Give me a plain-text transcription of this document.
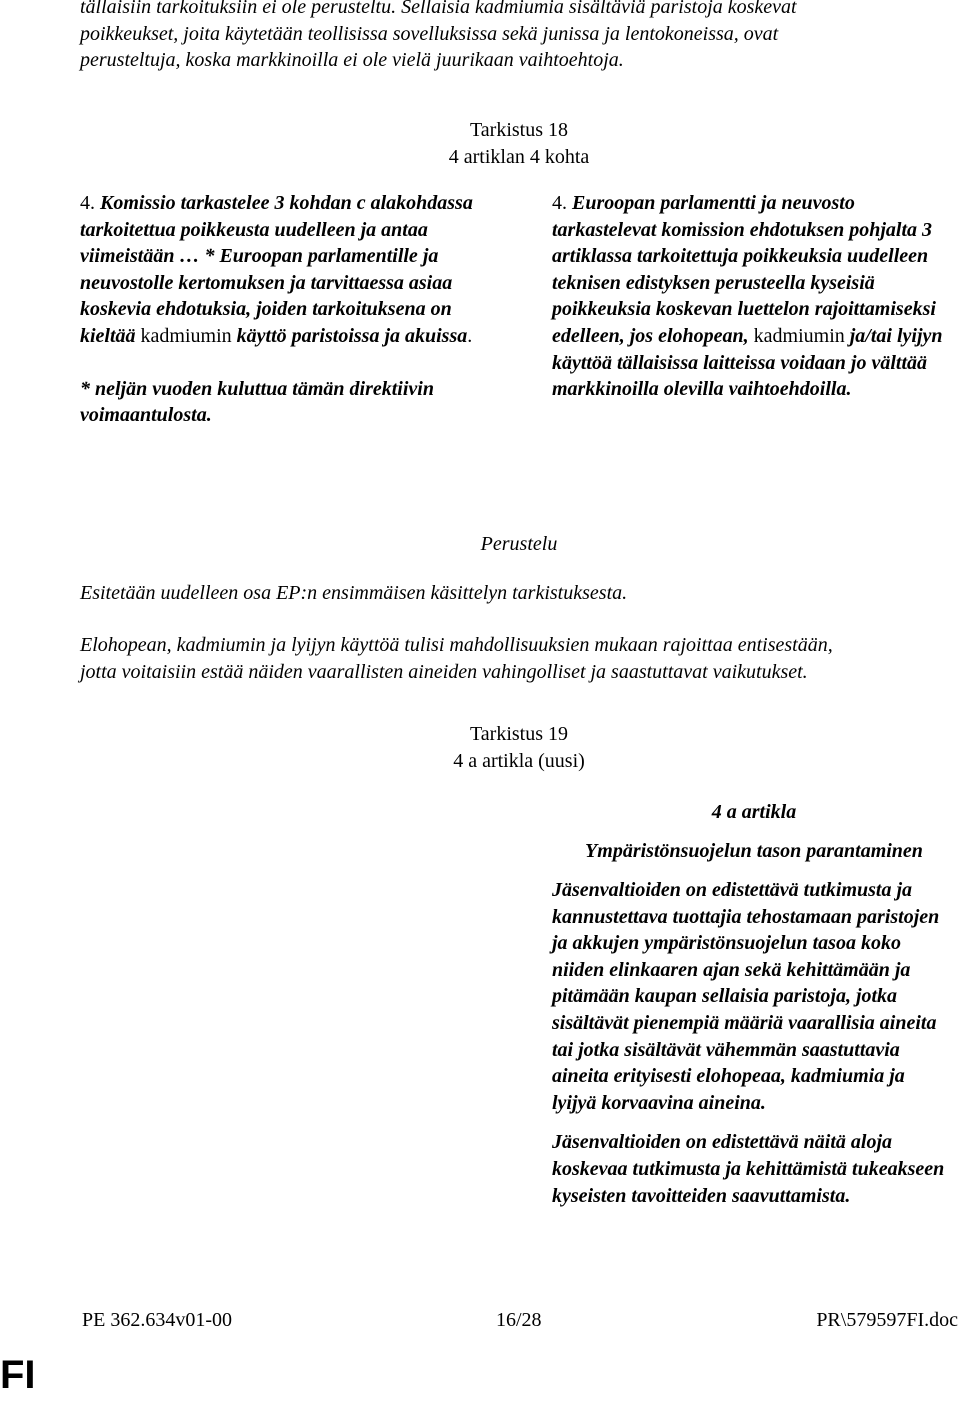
tällaisiin tarkoituksiin ei ole perusteltu. Sellaisia kadmiumia sisältäviä paristoja koskevat
poikkeukset, joita käytetään teollisissa sovelluksissa sekä junissa ja lentokoneissa, ovat
perusteltuja, koska markkinoilla ei ole vielä juurikaan vaihtoehtoja.
Tarkistus 18
4 artiklan 4 kohta

4. Komissio tarkastelee 3 kohdan c alakohdassa tarkoitettua poikkeusta uudelleen ja antaa viimeistään … * Euroopan parlamentille ja neuvostolle kertomuksen ja tarvittaessa asiaa koskevia ehdotuksia, joiden tarkoituksena on kieltää kadmiumin käyttö paristoissa ja akuissa.

* neljän vuoden kuluttua tämän direktiivin voimaantulosta.

4. Euroopan parlamentti ja neuvosto tarkastelevat komission ehdotuksen pohjalta 3 artiklassa tarkoitettuja poikkeuksia uudelleen teknisen edistyksen perusteella kyseisiä poikkeuksia koskevan luettelon rajoittamiseksi edelleen, jos elohopean, kadmiumin ja/tai lyijyn käyttöä tällaisissa laitteissa voidaan jo välttää markkinoilla olevilla vaihtoehdoilla.

Perustelu
Esitetään uudelleen osa EP:n ensimmäisen käsittelyn tarkistuksesta.
Elohopean, kadmiumin ja lyijyn käyttöä tulisi mahdollisuuksien mukaan rajoittaa entisestään,
jotta voitaisiin estää näiden vaarallisten aineiden vahingolliset ja saastuttavat vaikutukset.
Tarkistus 19
4 a artikla (uusi)
4 a artikla
Ympäristönsuojelun tason parantaminen

Jäsenvaltioiden on edistettävä tutkimusta ja kannustettava tuottajia tehostamaan paristojen ja akkujen ympäristönsuojelun tasoa koko niiden elinkaaren ajan sekä kehittämään ja pitämään kaupan sellaisia paristoja, jotka sisältävät pienempiä määriä vaarallisia aineita tai jotka sisältävät vähemmän saastuttavia aineita erityisesti elohopeaa, kadmiumia ja lyijyä korvaavina aineina.

Jäsenvaltioiden on edistettävä näitä aloja koskevaa tutkimusta ja kehittämistä tukeakseen kyseisten tavoitteiden saavuttamista.

PE 362.634v01-00	16/28	PR\579597FI.doc
FI
